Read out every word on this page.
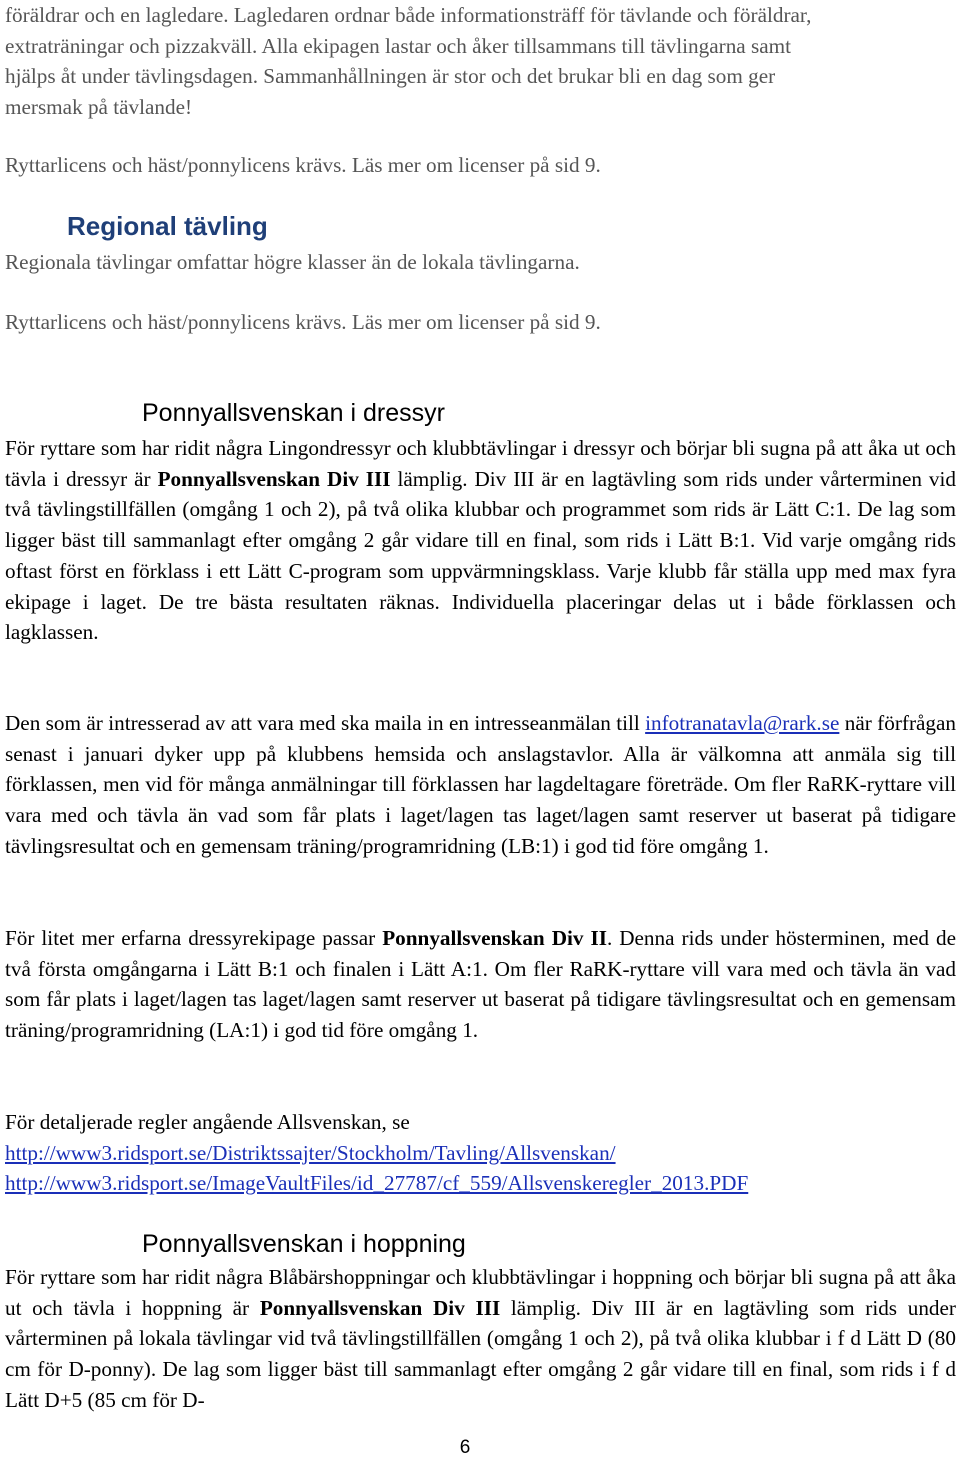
föräldrar och en lagledare. Lagledaren ordnar både informationsträff för tävlande och föräldrar,

extraträningar och pizzakväll. Alla ekipagen lastar och åker tillsammans till tävlingarna samt

hjälps åt under tävlingsdagen. Sammanhållningen är stor och det brukar bli en dag som ger

mersmak på tävlande!

Ryttarlicens och häst/ponnylicens krävs. Läs mer om licenser på sid 9.

Regional tävling

Regionala tävlingar omfattar högre klasser än de lokala tävlingarna.

Ryttarlicens och häst/ponnylicens krävs. Läs mer om licenser på sid 9.

Ponnyallsvenskan i dressyr

För ryttare som har ridit några Lingondressyr och klubbtävlingar i dressyr och börjar bli sugna på att åka ut och tävla i dressyr är Ponnyallsvenskan Div III lämplig. Div III är en lagtävling som rids under vårterminen vid två tävlingstillfällen (omgång 1 och 2), på två olika klubbar och programmet som rids är Lätt C:1. De lag som ligger bäst till sammanlagt efter omgång 2 går vidare till en final, som rids i Lätt B:1. Vid varje omgång rids oftast först en förklass i ett Lätt C-program som uppvärmningsklass. Varje klubb får ställa upp med max fyra ekipage i laget. De tre bästa resultaten räknas. Individuella placeringar delas ut i både förklassen och lagklassen.

Den som är intresserad av att vara med ska maila in en intresseanmälan till infotranatavla@rark.se när förfrågan senast i januari dyker upp på klubbens hemsida och anslagstavlor. Alla är välkomna att anmäla sig till förklassen, men vid för många anmälningar till förklassen har lagdeltagare företräde. Om fler RaRK-ryttare vill vara med och tävla än vad som får plats i laget/lagen tas laget/lagen samt reserver ut baserat på tidigare tävlingsresultat och en gemensam träning/programridning (LB:1) i god tid före omgång 1.

För litet mer erfarna dressyrekipage passar Ponnyallsvenskan Div II. Denna rids under hösterminen, med de två första omgångarna i Lätt B:1 och finalen i Lätt A:1. Om fler RaRK-ryttare vill vara med och tävla än vad som får plats i laget/lagen tas laget/lagen samt reserver ut baserat på tidigare tävlingsresultat och en gemensam träning/programridning (LA:1) i god tid före omgång 1.

För detaljerade regler angående Allsvenskan, se

http://www3.ridsport.se/Distriktssajter/Stockholm/Tavling/Allsvenskan/

http://www3.ridsport.se/ImageVaultFiles/id_27787/cf_559/Allsvenskeregler_2013.PDF

Ponnyallsvenskan i hoppning

För ryttare som har ridit några Blåbärshoppningar och klubbtävlingar i hoppning och börjar bli sugna på att åka ut och tävla i hoppning är Ponnyallsvenskan Div III lämplig. Div III är en lagtävling som rids under vårterminen på lokala tävlingar vid två tävlingstillfällen (omgång 1 och 2), på två olika klubbar i f d Lätt D (80 cm för D-ponny). De lag som ligger bäst till sammanlagt efter omgång 2 går vidare till en final, som rids i f d Lätt D+5 (85 cm för D-

6
